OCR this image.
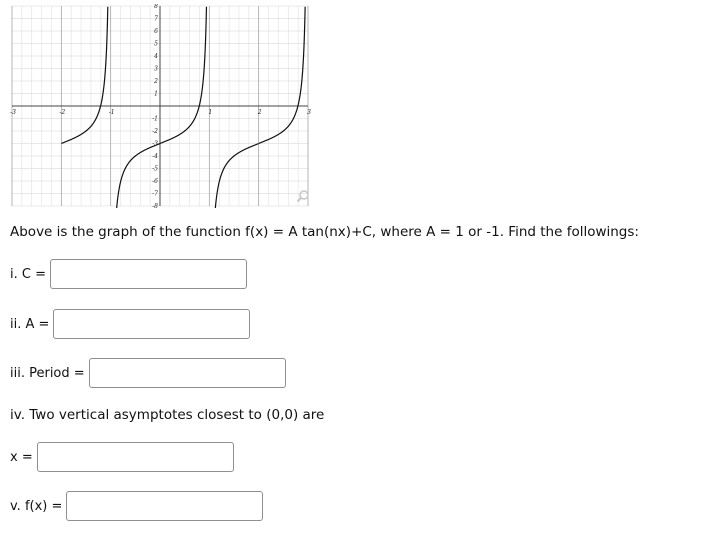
-3	-2	-1	1	2	3
-8
-7
-6
-5
-4
-3
-2
-1
1
2
3
4
5
6
7
8
Above is the graph of the function f(x) = A tan(nx)+C, where A = 1 or -1. Find the followings:
i. C =
ii. A =
iii. Period =
iv. Two vertical asymptotes closest to (0,0) are
x =
v. f(x) =
